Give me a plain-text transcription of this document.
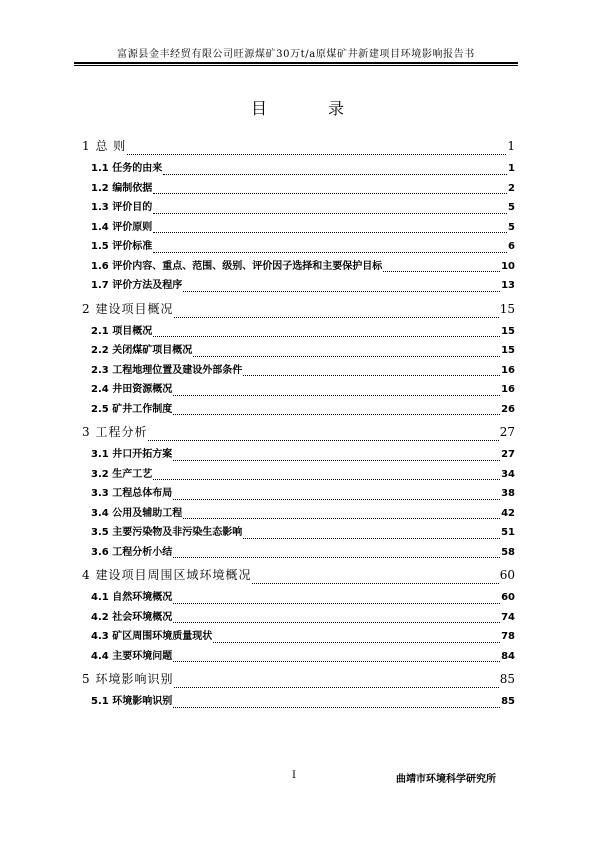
富源县金丰经贸有限公司旺源煤矿30万t/a原煤矿井新建项目环境影响报告书
目 录
1 总 则	1
1.1 任务的由来	1
1.2 编制依据	2
1.3 评价目的	5
1.4 评价原则	5
1.5 评价标准	6
1.6 评价内容、重点、范围、级别、评价因子选择和主要保护目标	10
1.7 评价方法及程序	13
2 建设项目概况	15
2.1 项目概况	15
2.2 关闭煤矿项目概况	15
2.3 工程地理位置及建设外部条件	16
2.4 井田资源概况	16
2.5 矿井工作制度	26
3 工程分析	27
3.1 井口开拓方案	27
3.2 生产工艺	34
3.3 工程总体布局	38
3.4 公用及辅助工程	42
3.5 主要污染物及非污染生态影响	51
3.6 工程分析小结	58
4 建设项目周围区域环境概况	60
4.1 自然环境概况	60
4.2 社会环境概况	74
4.3 矿区周围环境质量现状	78
4.4 主要环境问题	84
5 环境影响识别	85
5.1 环境影响识别	85
I	曲靖市环境科学研究所
